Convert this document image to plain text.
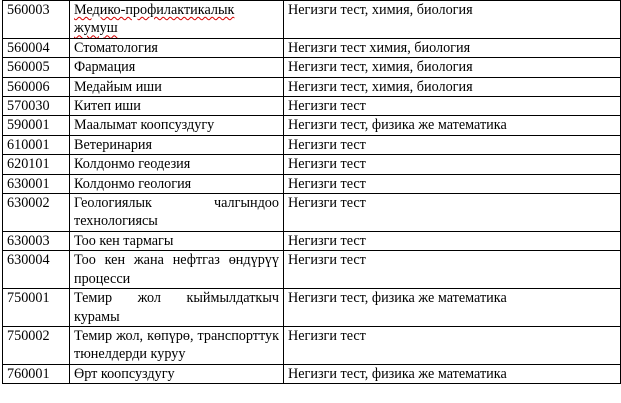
560003	Медико-профилактикалык жумуш	Негизги тест, химия, биология
560004	Стоматология	Негизги тест химия, биология
560005	Фармация	Негизги тест, химия, биология
560006	Медайым иши	Негизги тест, химия, биология
570030	Китеп иши	Негизги тест
590001	Маалымат коопсуздугу	Негизги тест, физика же математика
610001	Ветеринария	Негизги тест
620101	Колдонмо геодезия	Негизги тест
630001	Колдонмо геология	Негизги тест
630002	Геологиялык чалгындоо технологиясы	Негизги тест
630003	Тоо кен тармагы	Негизги тест
630004	Тоо кен жана нефтгаз өндүрүү процесси	Негизги тест
750001	Темир жол кыймылдаткыч курамы	Негизги тест, физика же математика
750002	Темир жол, көпүрө, транспорттук тюнелдерди куруу	Негизги тест
760001	Өрт коопсуздугу	Негизги тест, физика же математика
